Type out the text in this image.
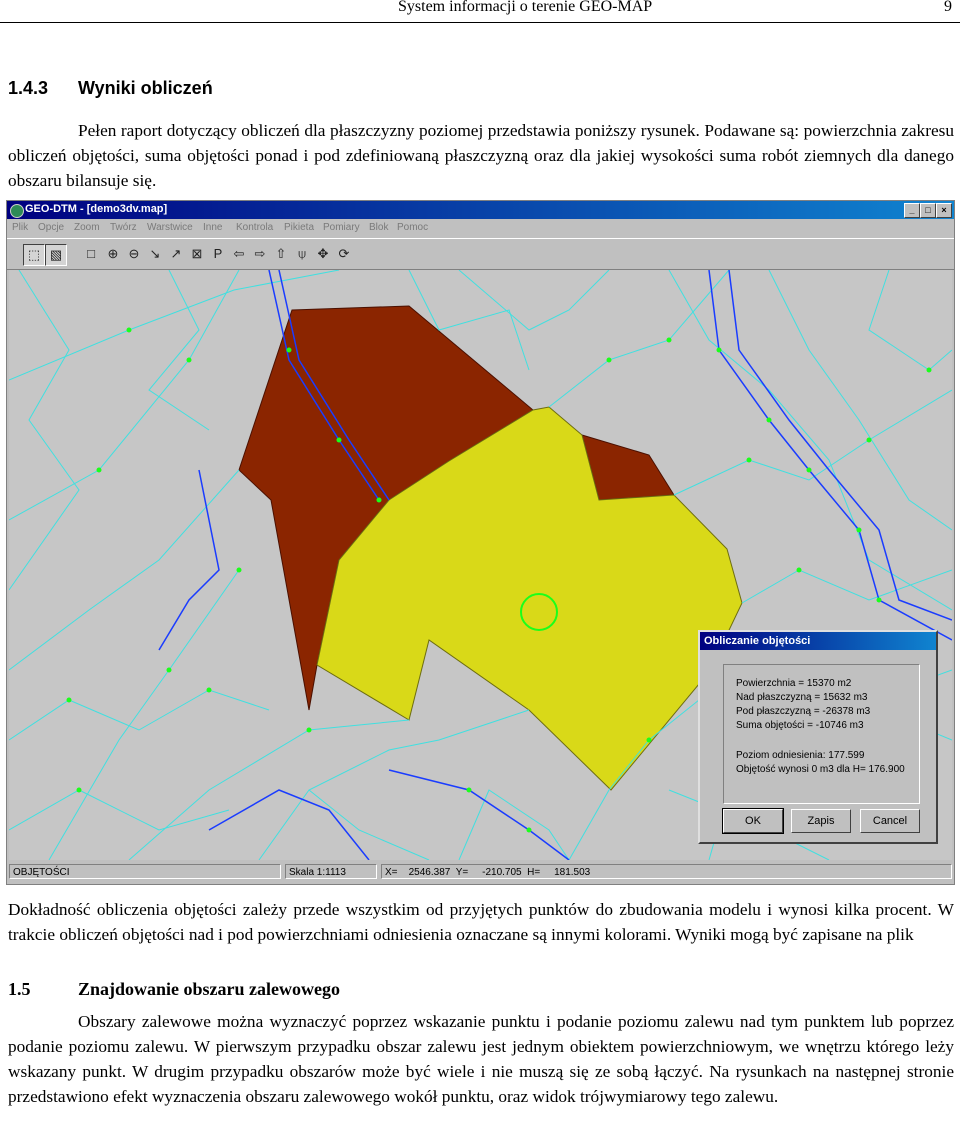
System informacji o terenie GEO-MAP	9
1.4.3 Wyniki obliczeń
Pełen raport dotyczący obliczeń dla płaszczyzny poziomej przedstawia poniższy rysunek. Podawane są: powierzchnia zakresu obliczeń objętości, suma objętości ponad i pod zdefiniowaną płaszczyzną oraz dla jakiej wysokości suma robót ziemnych dla danego obszaru bilansuje się.
GEO-DTM - [demo3dv.map]	_	□	×
Plik Opcje Zoom Twórz Warstwice Inne Kontrola Pikieta Pomiary Blok Pomoc
⬚ ▧	□ ⊕ ⊖ ↘ ↗ ⊠ P ⇦ ⇨ ⇧ ⍦ ✥ ⟳
OBJĘTOŚCI	Skala 1:1113	X=    2546.387  Y=     -210.705  H=     181.503
Obliczanie objętości
Powierzchnia = 15370 m2
Nad płaszczyzną = 15632 m3
Pod płaszczyzną = -26378 m3
Suma objętości = -10746 m3
Poziom odniesienia: 177.599
Objętość wynosi 0 m3 dla H= 176.900
OK	Zapis	Cancel
Dokładność obliczenia objętości zależy przede wszystkim od przyjętych punktów do zbudowania modelu i wynosi kilka procent. W trakcie obliczeń objętości nad i pod powierzchniami odniesienia oznaczane są innymi kolorami. Wyniki mogą być zapisane na plik
1.5	Znajdowanie obszaru zalewowego
Obszary zalewowe można wyznaczyć poprzez wskazanie punktu i podanie poziomu zalewu nad tym punktem lub poprzez podanie poziomu zalewu. W pierwszym przypadku obszar zalewu jest jednym obiektem powierzchniowym, we wnętrzu którego leży wskazany punkt. W drugim przypadku obszarów może być wiele i nie muszą się ze sobą łączyć. Na rysunkach na następnej stronie przedstawiono efekt wyznaczenia obszaru zalewowego wokół punktu, oraz widok trójwymiarowy tego zalewu.
